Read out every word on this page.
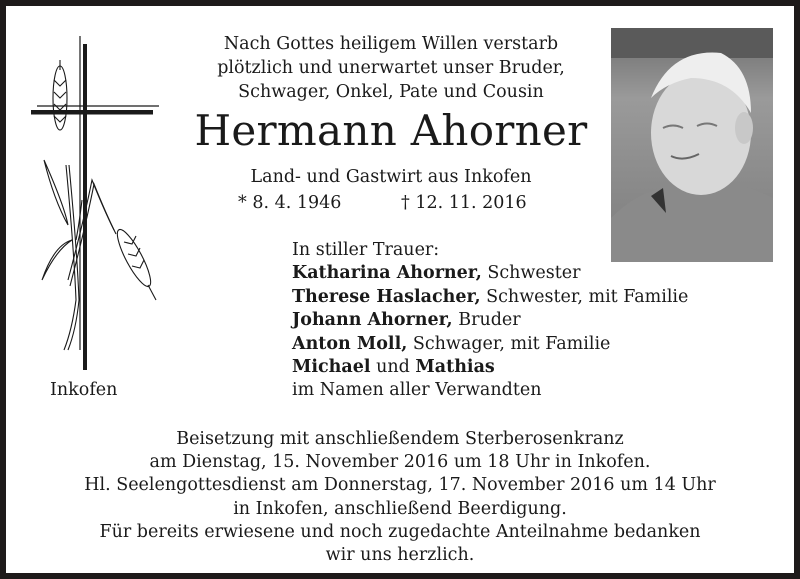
Nach Gottes heiligem Willen verstarb
plötzlich und unerwartet unser Bruder,
Schwager, Onkel, Pate und Cousin
Hermann Ahorner
Land- und Gastwirt aus Inkofen
* 8. 4. 1946	† 12. 11. 2016
In stiller Trauer:
Katharina Ahorner, Schwester
Therese Haslacher, Schwester, mit Familie
Johann Ahorner, Bruder
Anton Moll, Schwager, mit Familie
Michael und Mathias
im Namen aller Verwandten
Inkofen
Beisetzung mit anschließendem Sterberosenkranz
am Dienstag, 15. November 2016 um 18 Uhr in Inkofen.
Hl. Seelengottesdienst am Donnerstag, 17. November 2016 um 14 Uhr
in Inkofen, anschließend Beerdigung.
Für bereits erwiesene und noch zugedachte Anteilnahme bedanken
wir uns herzlich.
